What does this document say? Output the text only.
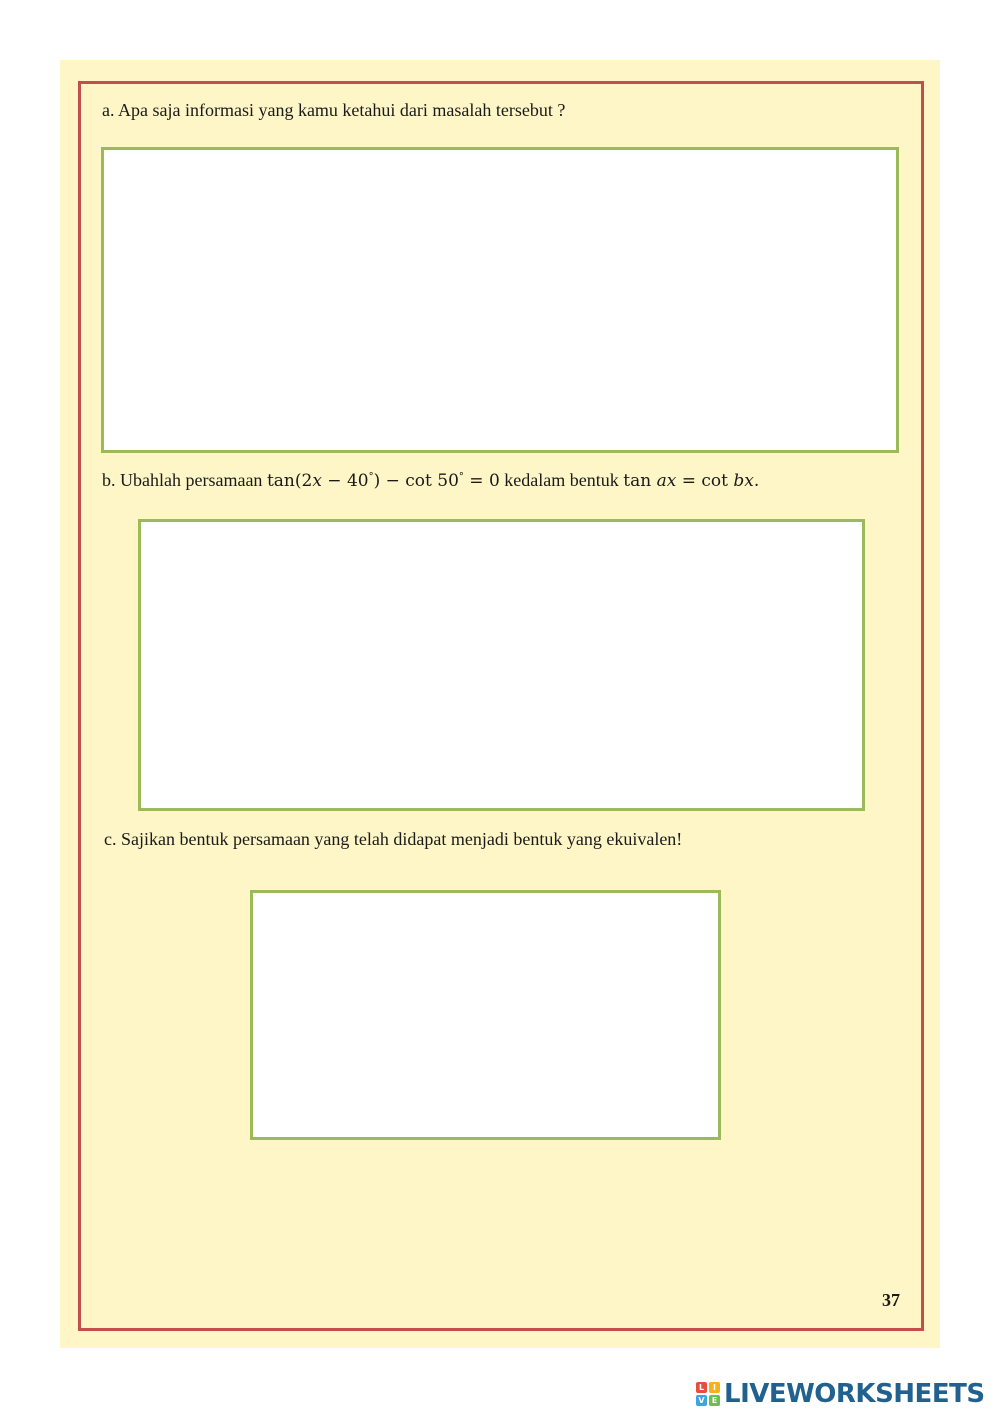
a. Apa saja informasi yang kamu ketahui dari masalah tersebut ?
b. Ubahlah persamaan tan(2x − 40°) − cot 50° = 0 kedalam bentuk tan ax = cot bx.
c. Sajikan bentuk persamaan yang telah didapat menjadi bentuk yang ekuivalen!
37
L	I
V E LIVEWORKSHEETS
